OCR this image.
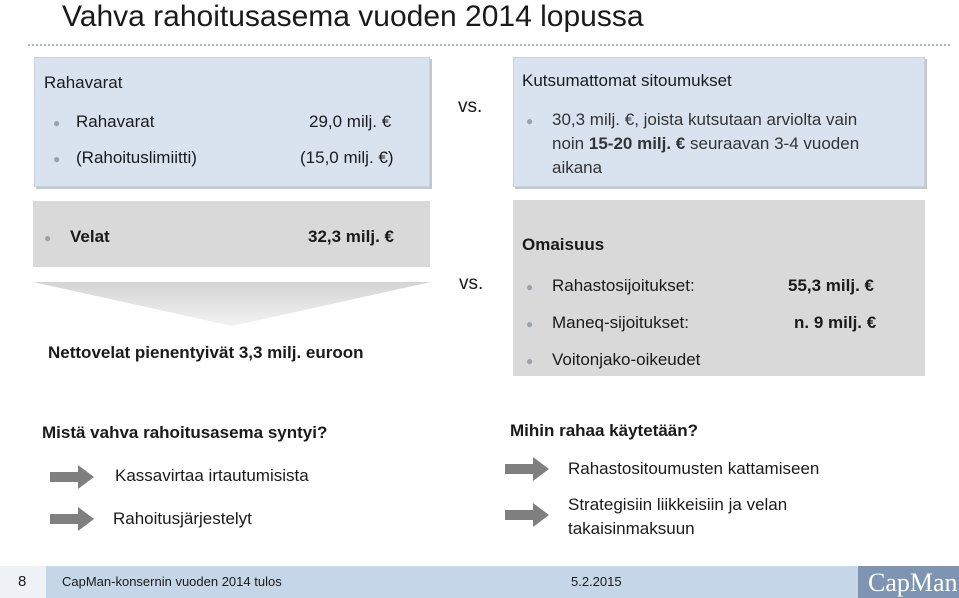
Vahva rahoitusasema vuoden 2014 lopussa
Rahavarat
● Rahavarat	29,0 milj. €
● (Rahoituslimiitti)	(15,0 milj. €)
vs.
Kutsumattomat sitoumukset
● 30,3 milj. €, joista kutsutaan arviolta vain
noin 15-20 milj. € seuraavan 3-4 vuoden
aikana
● Velat	32,3 milj. €
Nettovelat pienentyivät 3,3 milj. euroon
vs.
Omaisuus
● Rahastosijoitukset:	55,3 milj. €
● Maneq-sijoitukset:	n. 9 milj. €
● Voitonjako-oikeudet
Mistä vahva rahoitusasema syntyi?
Kassavirtaa irtautumisista
Rahoitusjärjestelyt
Mihin rahaa käytetään?
Rahastositoumusten kattamiseen
Strategisiin liikkeisiin ja velan
takaisinmaksuun
8	CapMan-konsernin vuoden 2014 tulos	5.2.2015	CapMan
